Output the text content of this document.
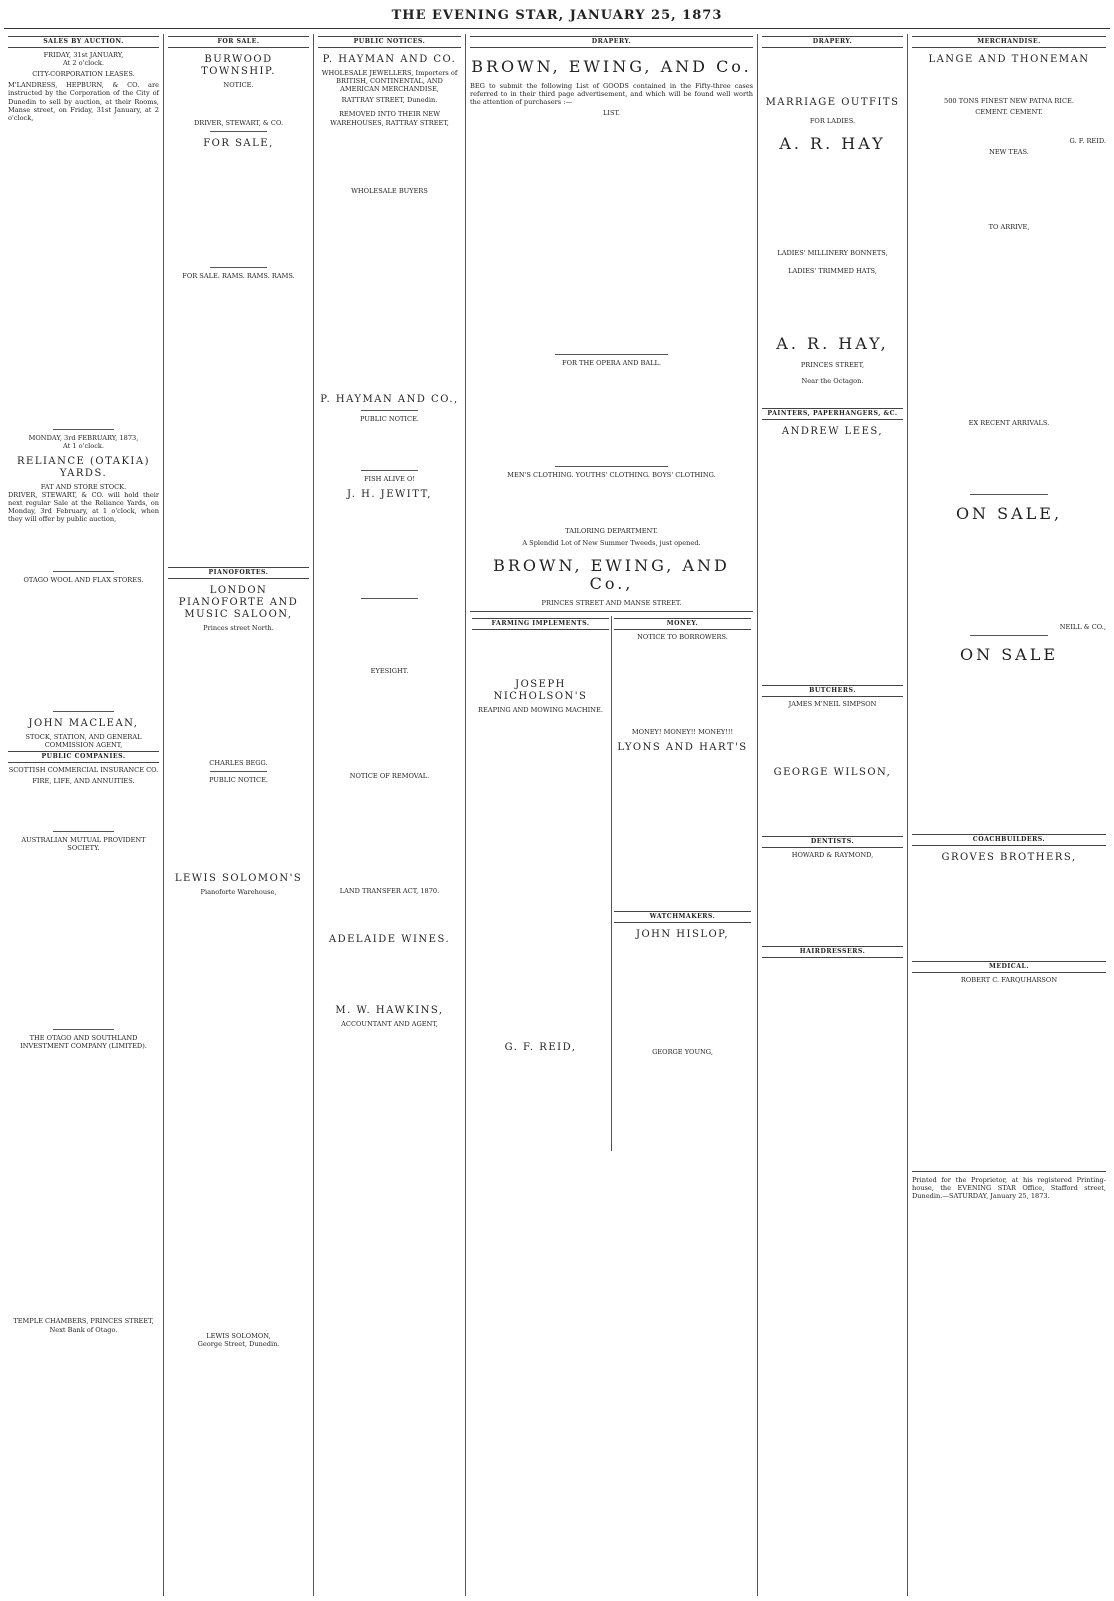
THE EVENING STAR, JANUARY 25, 1873
SALES BY AUCTION.
FRIDAY, 31st JANUARY,
At 2 o'clock.
CITY-CORPORATION LEASES.

M'LANDRESS, HEPBURN, & CO. are instructed by the Corporation of the City of Dunedin to sell by auction, at their Rooms, Manse street, on Friday, 31st January, at 2 o'clock,

MONDAY, 3rd FEBRUARY, 1873,
At 1 o'clock.
RELIANCE (OTAKIA) YARDS.
FAT AND STORE STOCK.

DRIVER, STEWART, & CO. will hold their next regular Sale at the Reliance Yards, on Monday, 3rd February, at 1 o'clock, when they will offer by public auction,

OTAGO WOOL AND FLAX STORES.
JOHN MACLEAN,
STOCK, STATION, AND GENERAL COMMISSION AGENT,
PUBLIC COMPANIES.
SCOTTISH COMMERCIAL INSURANCE CO.
FIRE, LIFE, AND ANNUITIES.
AUSTRALIAN MUTUAL PROVIDENT SOCIETY.
THE OTAGO AND SOUTHLAND INVESTMENT COMPANY (LIMITED).
TEMPLE CHAMBERS, PRINCES STREET, Next Bank of Otago.
FOR SALE.
BURWOOD TOWNSHIP.
NOTICE.
DRIVER, STEWART, & CO.
FOR SALE,
FOR SALE. RAMS. RAMS. RAMS.
PIANOFORTES.
LONDON PIANOFORTE AND MUSIC SALOON,
Princes street North.
CHARLES BEGG.
PUBLIC NOTICE.
LEWIS SOLOMON'S
Pianoforte Warehouse,
LEWIS SOLOMON,
George Street, Dunedin.
PUBLIC NOTICES.
P. HAYMAN AND CO.
WHOLESALE JEWELLERS, Importers of BRITISH, CONTINENTAL, AND AMERICAN MERCHANDISE,
RATTRAY STREET, Dunedin.
REMOVED INTO THEIR NEW WAREHOUSES, RATTRAY STREET,
WHOLESALE BUYERS
P. HAYMAN AND CO.,
PUBLIC NOTICE.
FISH ALIVE O!
J. H. JEWITT,
EYESIGHT.
NOTICE OF REMOVAL.
LAND TRANSFER ACT, 1870.
ADELAIDE WINES.
M. W. HAWKINS,
ACCOUNTANT AND AGENT,
DRAPERY.
BROWN, EWING, AND Co.

BEG to submit the following List of GOODS contained in the Fifty-three cases referred to in their third page advertisement, and which will be found well worth the attention of purchasers :—

LIST.
FOR THE OPERA AND BALL.
MEN'S CLOTHING. YOUTHS' CLOTHING. BOYS' CLOTHING.
TAILORING DEPARTMENT.
A Splendid Lot of New Summer Tweeds, just opened.
BROWN, EWING, AND Co.,
PRINCES STREET AND MANSE STREET.
FARMING IMPLEMENTS.
JOSEPH NICHOLSON'S
REAPING AND MOWING MACHINE.
G. F. REID,
MONEY.
NOTICE TO BORROWERS.
MONEY! MONEY!! MONEY!!!
LYONS AND HART'S
WATCHMAKERS.
JOHN HISLOP,
GEORGE YOUNG,
DRAPERY.
MARRIAGE OUTFITS
FOR LADIES.
A. R. HAY
LADIES' MILLINERY BONNETS,
LADIES' TRIMMED HATS,
A. R. HAY,
PRINCES STREET,
Near the Octagon.
PAINTERS, PAPERHANGERS, &C.
ANDREW LEES,
BUTCHERS.
JAMES M'NEIL SIMPSON
GEORGE WILSON,
DENTISTS.
HOWARD & RAYMOND,
HAIRDRESSERS.
MERCHANDISE.
LANGE AND THONEMAN
500 TONS FINEST NEW PATNA RICE.
CEMENT. CEMENT.
G. F. REID.
NEW TEAS.
TO ARRIVE,
EX RECENT ARRIVALS.
ON SALE,
NEILL & CO.,
ON SALE
COACHBUILDERS.
GROVES BROTHERS,
MEDICAL.
ROBERT C. FARQUHARSON

Printed for the Proprietor, at his registered Printing-house, the EVENING STAR Office, Stafford street, Dunedin.—SATURDAY, January 25, 1873.
